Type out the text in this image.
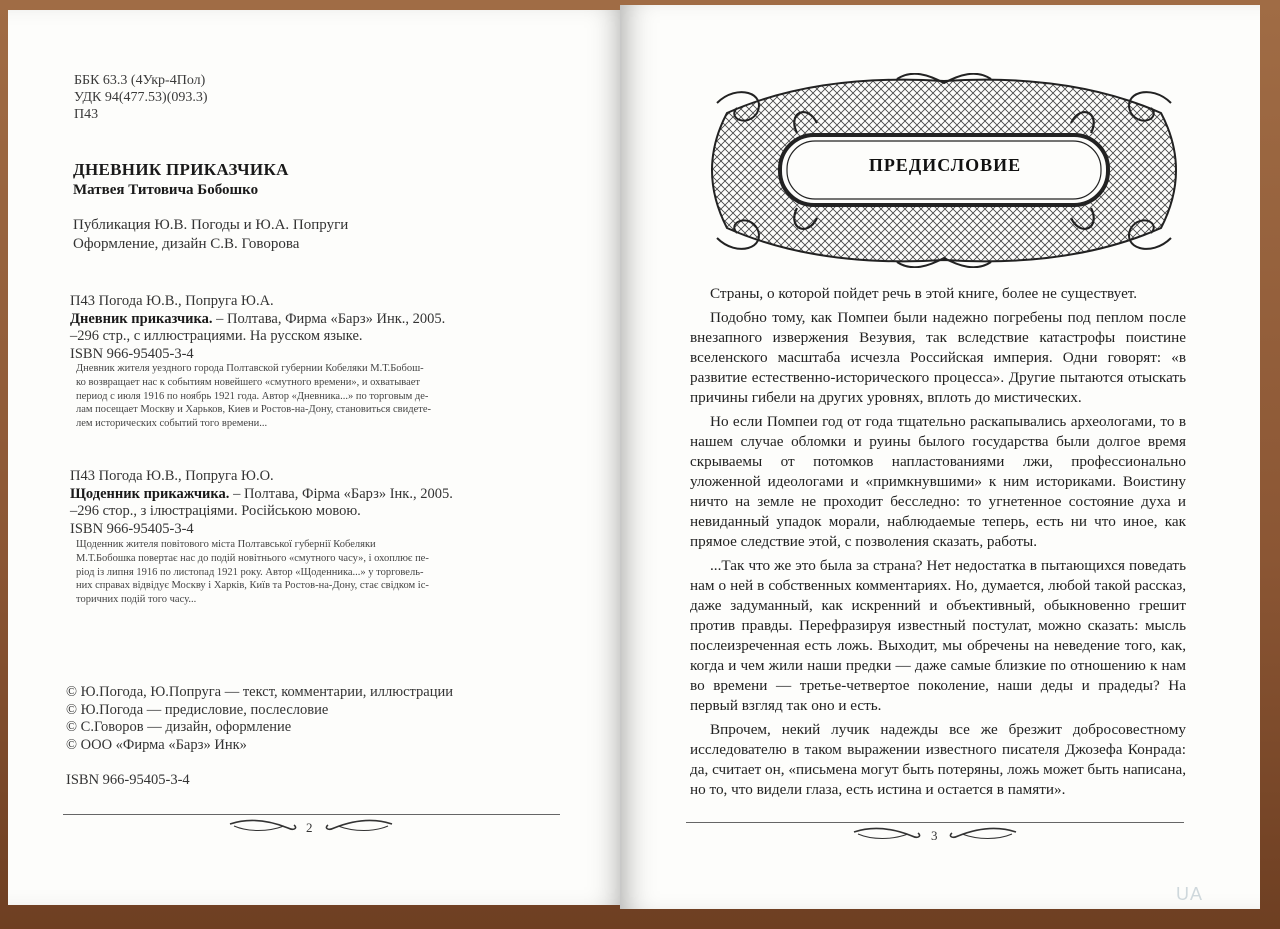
ББК 63.3 (4Укр-4Пол)
УДК 94(477.53)(093.3)
П43
ДНЕВНИК ПРИКАЗЧИКА
Матвея Титовича Бобошко
Публикация Ю.В. Погоды и Ю.А. Попруги
Оформление, дизайн С.В. Говорова
П43 Погода Ю.В., Попруга Ю.А.
Дневник приказчика. – Полтава, Фирма «Барз» Инк., 2005.
–296 стр., с иллюстрациями. На русском языке.
ISBN 966-95405-3-4
Дневник жителя уездного города Полтавской губернии Кобеляки М.Т.Бобош-
ко возвращает нас к событиям новейшего «смутного времени», и охватывает
период с июля 1916 по ноябрь 1921 года. Автор «Дневника...» по торговым де-
лам посещает Москву и Харьков, Киев и Ростов-на-Дону, становиться свидете-
лем исторических событий того времени...
П43 Погода Ю.В., Попруга Ю.О.
Щоденник прикажчика. – Полтава, Фірма «Барз» Інк., 2005.
–296 стор., з ілюстраціями. Російською мовою.
ISBN 966-95405-3-4
Щоденник жителя повітового міста Полтавської губернії Кобеляки
М.Т.Бобошка повертає нас до подій новітнього «смутного часу», і охоплює пе-
ріод із липня 1916 по листопад 1921 року. Автор «Щоденника...» у торговель-
них справах відвідує Москву і Харків, Київ та Ростов-на-Дону, стає свідком іс-
торичних подій того часу...
© Ю.Погода, Ю.Попруга — текст, комментарии, иллюстрации
© Ю.Погода — предисловие, послесловие
© С.Говоров — дизайн, оформление
© ООО «Фирма «Барз» Инк»
ISBN 966-95405-3-4
2
ПРЕДИСЛОВИЕ

Страны, о которой пойдет речь в этой книге, более не существует.

Подобно тому, как Помпеи были надежно погребены под пеплом после внезапного извержения Везувия, так вследствие катастрофы поистине вселенского масштаба исчезла Российская империя. Одни говорят: «в развитие естественно-исторического процесса». Другие пытаются отыскать причины гибели на других уровнях, вплоть до мистических.

Но если Помпеи год от года тщательно раскапывались археологами, то в нашем случае обломки и руины былого государства были долгое время скрываемы от потомков напластованиями лжи, профессионально уложенной идеологами и «примкнувшими» к ним историками. Воистину ничто на земле не проходит бесследно: то угнетенное состояние духа и невиданный упадок морали, наблюдаемые теперь, есть ни что иное, как прямое следствие этой, с позволения сказать, работы.

...Так что же это была за страна? Нет недостатка в пытающихся поведать нам о ней в собственных комментариях. Но, думается, любой такой рассказ, даже задуманный, как искренний и объективный, обыкновенно грешит против правды. Перефразируя известный постулат, можно сказать: мысль послеизреченная есть ложь. Выходит, мы обречены на неведение того, как, когда и чем жили наши предки — даже самые близкие по отношению к нам во времени — третье-четвертое поколение, наши деды и прадеды? На первый взгляд так оно и есть.

Впрочем, некий лучик надежды все же брезжит добросовестному исследователю в таком выражении известного писателя Джозефа Конрада: да, считает он, «письмена могут быть потеряны, ложь может быть написана, но то, что видели глаза, есть истина и остается в памяти».

3
UA
